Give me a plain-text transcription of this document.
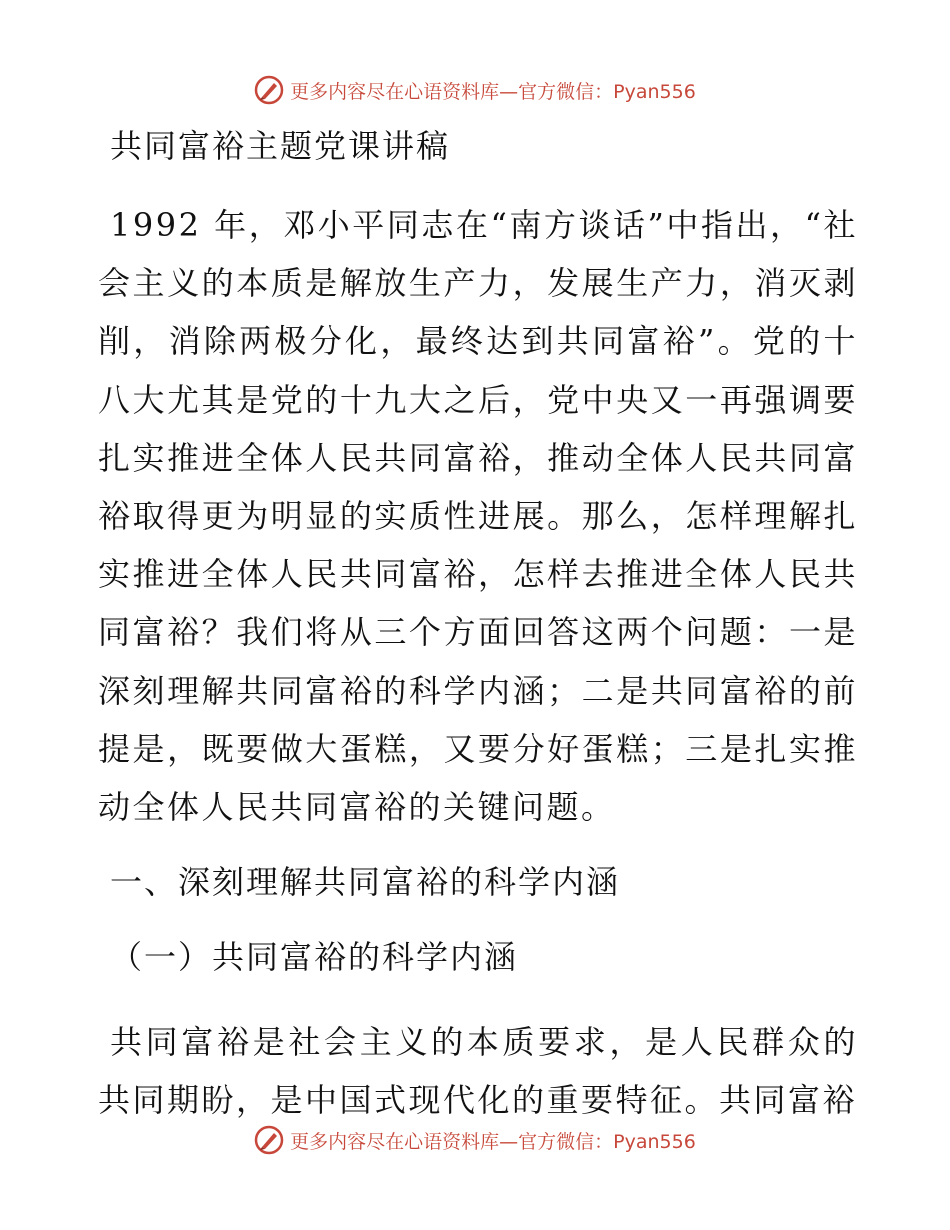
更多内容尽在心语资料库—官方微信：Pyan556
共同富裕主题党课讲稿

1992 年，邓小平同志在“南方谈话”中指出，“社会主义的本质是解放生产力，发展生产力，消灭剥削，消除两极分化，最终达到共同富裕”。党的十八大尤其是党的十九大之后，党中央又一再强调要扎实推进全体人民共同富裕，推动全体人民共同富裕取得更为明显的实质性进展。那么，怎样理解扎实推进全体人民共同富裕，怎样去推进全体人民共同富裕？我们将从三个方面回答这两个问题：一是深刻理解共同富裕的科学内涵；二是共同富裕的前提是，既要做大蛋糕，又要分好蛋糕；三是扎实推动全体人民共同富裕的关键问题。

一、深刻理解共同富裕的科学内涵
（一）共同富裕的科学内涵

共同富裕是社会主义的本质要求，是人民群众的共同期盼，是中国式现代化的重要特征。共同富裕

更多内容尽在心语资料库—官方微信：Pyan556
